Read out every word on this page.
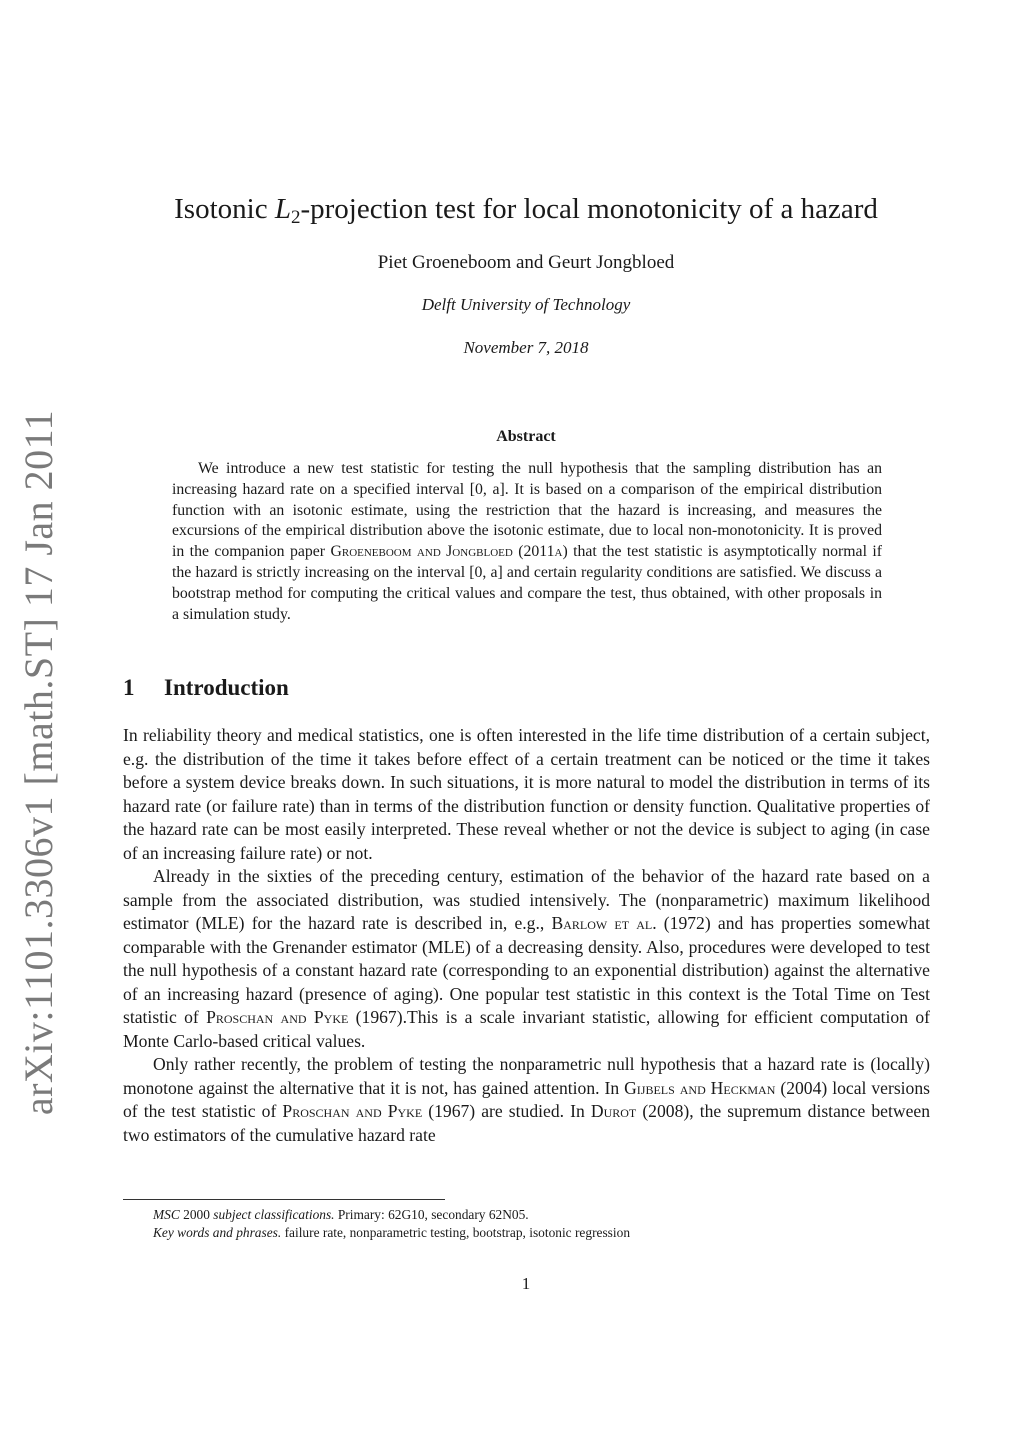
arXiv:1101.3306v1 [math.ST] 17 Jan 2011
Isotonic $L_2$-projection test for local monotonicity of a hazard
Piet Groeneboom and Geurt Jongbloed
Delft University of Technology
November 7, 2018
Abstract

We introduce a new test statistic for testing the null hypothesis that the sampling distribution has an increasing hazard rate on a specified interval [0, a]. It is based on a comparison of the empirical distribution function with an isotonic estimate, using the restriction that the hazard is increasing, and measures the excursions of the empirical distribution above the isotonic estimate, due to local non-monotonicity. It is proved in the companion paper Groeneboom and Jongbloed (2011a) that the test statistic is asymptotically normal if the hazard is strictly increasing on the interval [0, a] and certain regularity conditions are satisfied. We discuss a bootstrap method for computing the critical values and compare the test, thus obtained, with other proposals in a simulation study.

1 Introduction

In reliability theory and medical statistics, one is often interested in the life time distribution of a certain subject, e.g. the distribution of the time it takes before effect of a certain treatment can be noticed or the time it takes before a system device breaks down. In such situations, it is more natural to model the distribution in terms of its hazard rate (or failure rate) than in terms of the distribution function or density function. Qualitative properties of the hazard rate can be most easily interpreted. These reveal whether or not the device is subject to aging (in case of an increasing failure rate) or not.

Already in the sixties of the preceding century, estimation of the behavior of the hazard rate based on a sample from the associated distribution, was studied intensively. The (nonparametric) maximum likelihood estimator (MLE) for the hazard rate is described in, e.g., Barlow et al. (1972) and has properties somewhat comparable with the Grenander estimator (MLE) of a decreasing density. Also, procedures were developed to test the null hypothesis of a constant hazard rate (corresponding to an exponential distribution) against the alternative of an increasing hazard (presence of aging). One popular test statistic in this context is the Total Time on Test statistic of Proschan and Pyke (1967).This is a scale invariant statistic, allowing for efficient computation of Monte Carlo-based critical values.

Only rather recently, the problem of testing the nonparametric null hypothesis that a hazard rate is (locally) monotone against the alternative that it is not, has gained attention. In Gijbels and Heckman (2004) local versions of the test statistic of Proschan and Pyke (1967) are studied. In Durot (2008), the supremum distance between two estimators of the cumulative hazard rate

MSC 2000 subject classifications. Primary: 62G10, secondary 62N05.
Key words and phrases. failure rate, nonparametric testing, bootstrap, isotonic regression
1
